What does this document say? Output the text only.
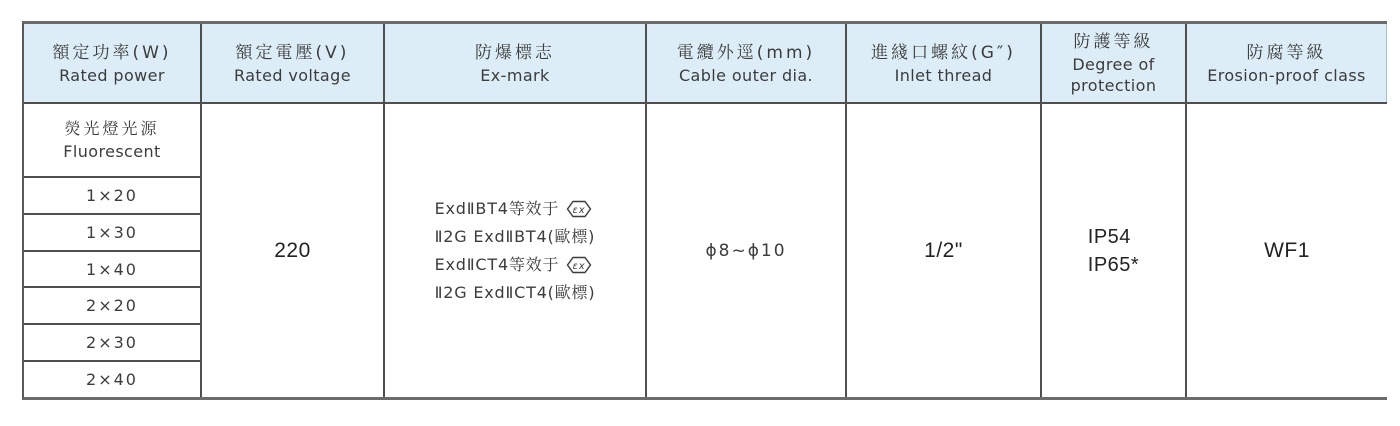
額定功率(W)
Rated power
額定電壓(V)
Rated voltage
防爆標志
Ex-mark
電纜外逕(mm)
Cable outer dia.
進綫口螺紋(G″)
Inlet thread
防護等級
Degree of protection
防腐等級
Erosion-proof class
熒光燈光源
Fluorescent
1×20
1×30
1×40
2×20
2×30
2×40
220
ExdⅡBT4等效于 εx
Ⅱ2G ExdⅡBT4(歐標)
ExdⅡCT4等效于 εx
Ⅱ2G ExdⅡCT4(歐標)
ϕ8~ϕ10	1/2"
IP54
IP65*
WF1
